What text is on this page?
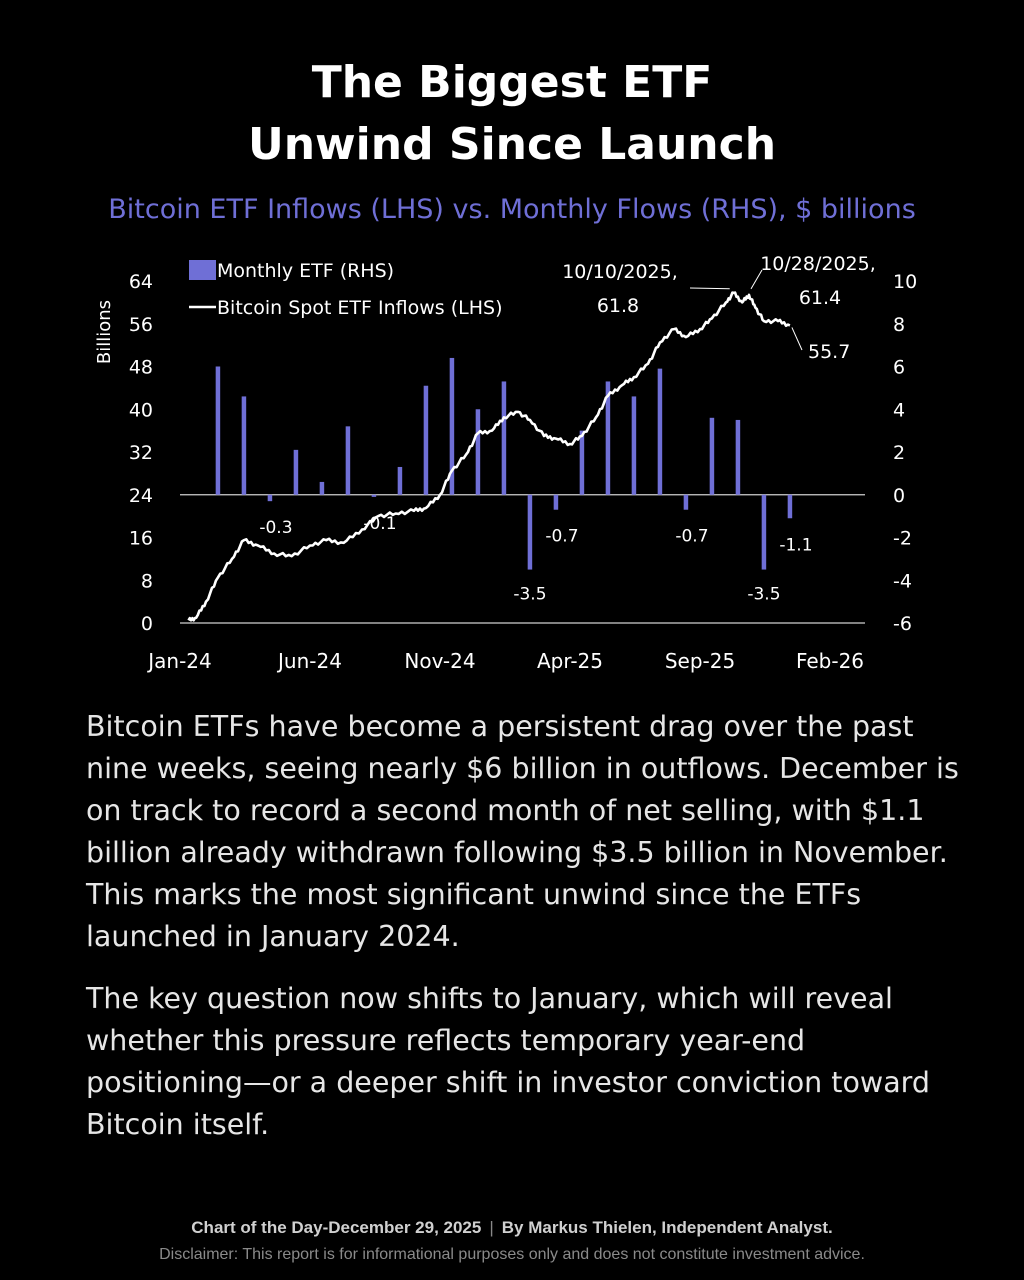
The Biggest ETF
Unwind Since Launch
Bitcoin ETF Inflows (LHS) vs. Monthly Flows (RHS), $ billions
0
8
16
24
32
40
48
56
64
-6
-4
-2
0
2
4
6
8
10
Billions
Jan-24	Jun-24	Nov-24	Apr-25	Sep-25	Feb-26
-0.3	-0.1
-3.5
-0.7	-0.7
-3.5
-1.1
10/10/2025,
61.8
10/28/2025,
61.4
55.7
Monthly ETF (RHS)
Bitcoin Spot ETF Inflows (LHS)
Bitcoin ETFs have become a persistent drag over the past nine weeks, seeing nearly $6 billion in outflows. December is on track to record a second month of net selling, with $1.1 billion already withdrawn following $3.5 billion in November. This marks the most significant unwind since the ETFs launched in January 2024.
The key question now shifts to January, which will reveal whether this pressure reflects temporary year-end positioning—or a deeper shift in investor conviction toward Bitcoin itself.
Chart of the Day-December 29, 2025 | By Markus Thielen, Independent Analyst.
Disclaimer: This report is for informational purposes only and does not constitute investment advice.
